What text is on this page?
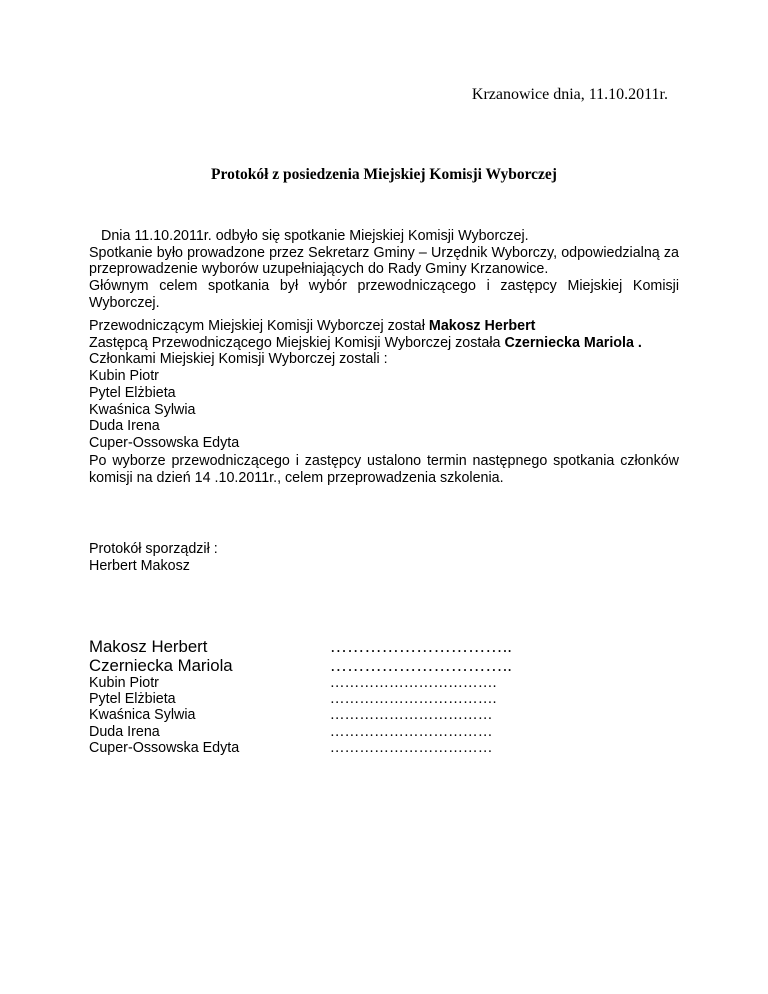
Krzanowice dnia, 11.10.2011r.
Protokół z posiedzenia Miejskiej Komisji Wyborczej
Dnia 11.10.2011r. odbyło się spotkanie Miejskiej Komisji Wyborczej.
Spotkanie było prowadzone przez Sekretarz Gminy – Urzędnik Wyborczy, odpowiedzialną za przeprowadzenie wyborów uzupełniających do Rady Gminy Krzanowice.
Głównym celem spotkania był wybór przewodniczącego i zastępcy Miejskiej Komisji Wyborczej.
Przewodniczącym Miejskiej Komisji Wyborczej został Makosz Herbert
Zastępcą Przewodniczącego Miejskiej Komisji Wyborczej została Czerniecka Mariola .
Członkami Miejskiej Komisji Wyborczej zostali :
Kubin Piotr
Pytel Elżbieta
Kwaśnica Sylwia
Duda Irena
Cuper-Ossowska Edyta
Po wyborze przewodniczącego i zastępcy ustalono termin następnego spotkania członków komisji na dzień 14 .10.2011r., celem przeprowadzenia szkolenia.
Protokół sporządził :
Herbert Makosz
Makosz Herbert	…………………………..
Czerniecka Mariola	…………………………..
Kubin Piotr	…………………………….
Pytel Elżbieta	…………………………….
Kwaśnica Sylwia	……………………………
Duda Irena	……………………………
Cuper-Ossowska Edyta	……………………………
